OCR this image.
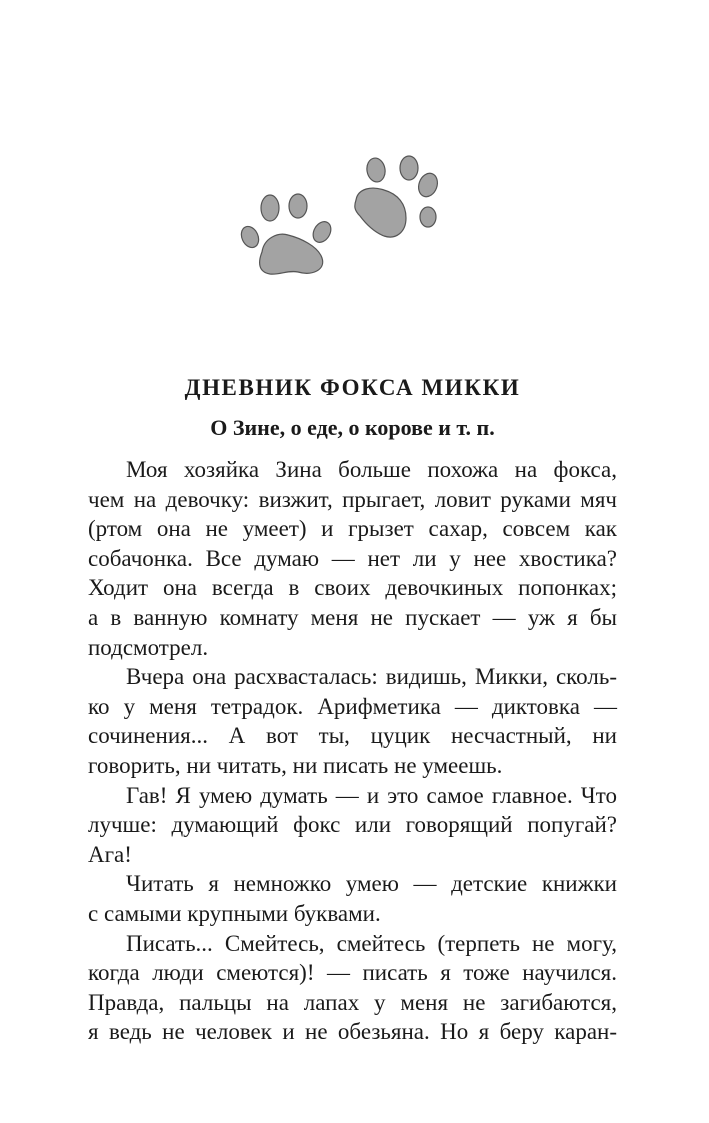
ДНЕВНИК ФОКСА МИККИ
О Зине, о еде, о корове и т. п.
Моя хозяйка Зина больше похожа на фокса,
чем на девочку: визжит, прыгает, ловит руками мяч
(ртом она не умеет) и грызет сахар, совсем как
собачонка. Все думаю — нет ли у нее хвостика?
Ходит она всегда в своих девочкиных попонках;
а в ванную комнату меня не пускает — уж я бы
подсмотрел.
Вчера она расхвасталась: видишь, Микки, сколь-
ко у меня тетрадок. Арифметика — диктовка —
сочинения... А вот ты, цуцик несчастный, ни
говорить, ни читать, ни писать не умеешь.
Гав! Я умею думать — и это самое главное. Что
лучше: думающий фокс или говорящий попугай?
Ага!
Читать я немножко умею — детские книжки
с самыми крупными буквами.
Писать... Смейтесь, смейтесь (терпеть не могу,
когда люди смеются)! — писать я тоже научился.
Правда, пальцы на лапах у меня не загибаются,
я ведь не человек и не обезьяна. Но я беру каран-
